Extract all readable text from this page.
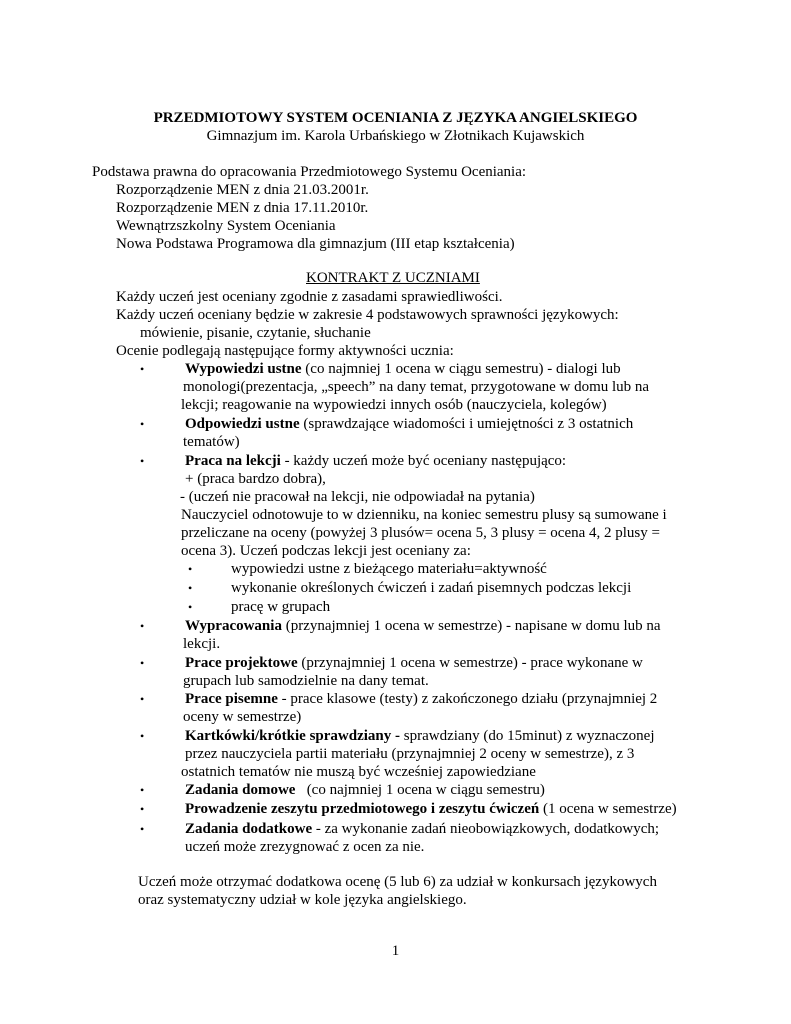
PRZEDMIOTOWY SYSTEM OCENIANIA Z JĘZYKA ANGIELSKIEGO
Gimnazjum im. Karola Urbańskiego w Złotnikach Kujawskich
Podstawa prawna do opracowania Przedmiotowego Systemu Oceniania:
Rozporządzenie MEN z dnia 21.03.2001r.
Rozporządzenie MEN z dnia 17.11.2010r.
Wewnątrzszkolny System Oceniania
Nowa Podstawa Programowa dla gimnazjum (III etap kształcenia)
KONTRAKT Z UCZNIAMI
Każdy uczeń jest oceniany zgodnie z zasadami sprawiedliwości.
Każdy uczeń oceniany będzie w zakresie 4 podstawowych sprawności językowych:
mówienie, pisanie, czytanie, słuchanie
Ocenie podlegają następujące formy aktywności ucznia:
•	Wypowiedzi ustne (co najmniej 1 ocena w ciągu semestru) - dialogi lub
monologi(prezentacja, „speech” na dany temat, przygotowane w domu lub na
lekcji; reagowanie na wypowiedzi innych osób (nauczyciela, kolegów)
•	Odpowiedzi ustne (sprawdzające wiadomości i umiejętności z 3 ostatnich
tematów)
•	Praca na lekcji - każdy uczeń może być oceniany następująco:
+ (praca bardzo dobra),
- (uczeń nie pracował na lekcji, nie odpowiadał na pytania)
Nauczyciel odnotowuje to w dzienniku, na koniec semestru plusy są sumowane i
przeliczane na oceny (powyżej 3 plusów= ocena 5, 3 plusy = ocena 4, 2 plusy =
ocena 3). Uczeń podczas lekcji jest oceniany za:
•	wypowiedzi ustne z bieżącego materiału=aktywność
•	wykonanie określonych ćwiczeń i zadań pisemnych podczas lekcji
•	pracę w grupach
•	Wypracowania (przynajmniej 1 ocena w semestrze) - napisane w domu lub na
lekcji.
•	Prace projektowe (przynajmniej 1 ocena w semestrze) - prace wykonane w
grupach lub samodzielnie na dany temat.
•	Prace pisemne - prace klasowe (testy) z zakończonego działu (przynajmniej 2
oceny w semestrze)
•	Kartkówki/krótkie sprawdziany - sprawdziany (do 15minut) z wyznaczonej
przez nauczyciela partii materiału (przynajmniej 2 oceny w semestrze), z 3
ostatnich tematów nie muszą być wcześniej zapowiedziane
•	Zadania domowe   (co najmniej 1 ocena w ciągu semestru)
•	Prowadzenie zeszytu przedmiotowego i zeszytu ćwiczeń (1 ocena w semestrze)
•	Zadania dodatkowe - za wykonanie zadań nieobowiązkowych, dodatkowych;
uczeń może zrezygnować z ocen za nie.
Uczeń może otrzymać dodatkowa ocenę (5 lub 6) za udział w konkursach językowych
oraz systematyczny udział w kole języka angielskiego.
1
